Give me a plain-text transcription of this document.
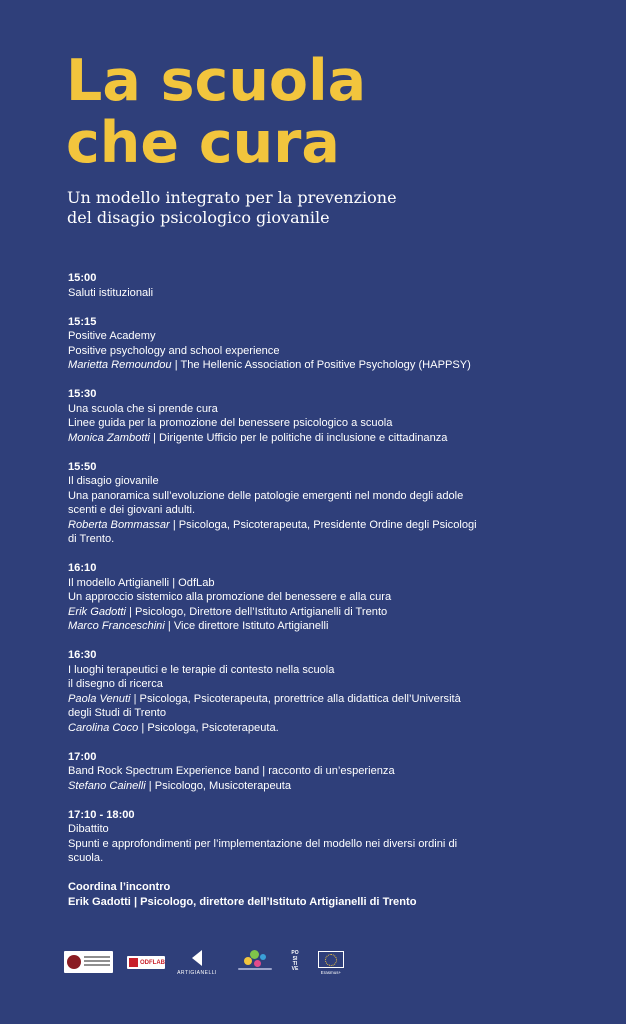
La scuola
che cura
Un modello integrato per la prevenzione
del disagio psicologico giovanile
15:00
Saluti istituzionali
15:15
Positive Academy
Positive psychology and school experience
Marietta Remoundou | The Hellenic Association of Positive Psychology (HAPPSY)
15:30
Una scuola che si prende cura
Linee guida per la promozione del benessere psicologico a scuola
Monica Zambotti | Dirigente Ufficio per le politiche di inclusione e cittadinanza
15:50
Il disagio giovanile
Una panoramica sull’evoluzione delle patologie emergenti nel mondo degli adole
scenti e dei giovani adulti.
Roberta Bommassar | Psicologa, Psicoterapeuta, Presidente Ordine degli Psicologi
di Trento.
16:10
Il modello Artigianelli | OdfLab
Un approccio sistemico alla promozione del benessere e alla cura
Erik Gadotti | Psicologo, Direttore dell’Istituto Artigianelli di Trento
Marco Franceschini | Vice direttore Istituto Artigianelli
16:30
I luoghi terapeutici e le terapie di contesto nella scuola
il disegno di ricerca
Paola Venuti | Psicologa, Psicoterapeuta, prorettrice alla didattica dell’Università
degli Studi di Trento
Carolina Coco | Psicologa, Psicoterapeuta.
17:00
Band Rock Spectrum Experience band | racconto di un’esperienza
Stefano Cainelli | Psicologo, Musicoterapeuta
17:10 - 18:00
Dibattito
Spunti e approfondimenti per l’implementazione del modello nei diversi ordini di
scuola.
Coordina l’incontro
Erik Gadotti | Psicologo, direttore dell’Istituto Artigianelli di Trento
ODFLAB
ARTIGIANELLI
PO
SI
TI
VE
Erasmus+
